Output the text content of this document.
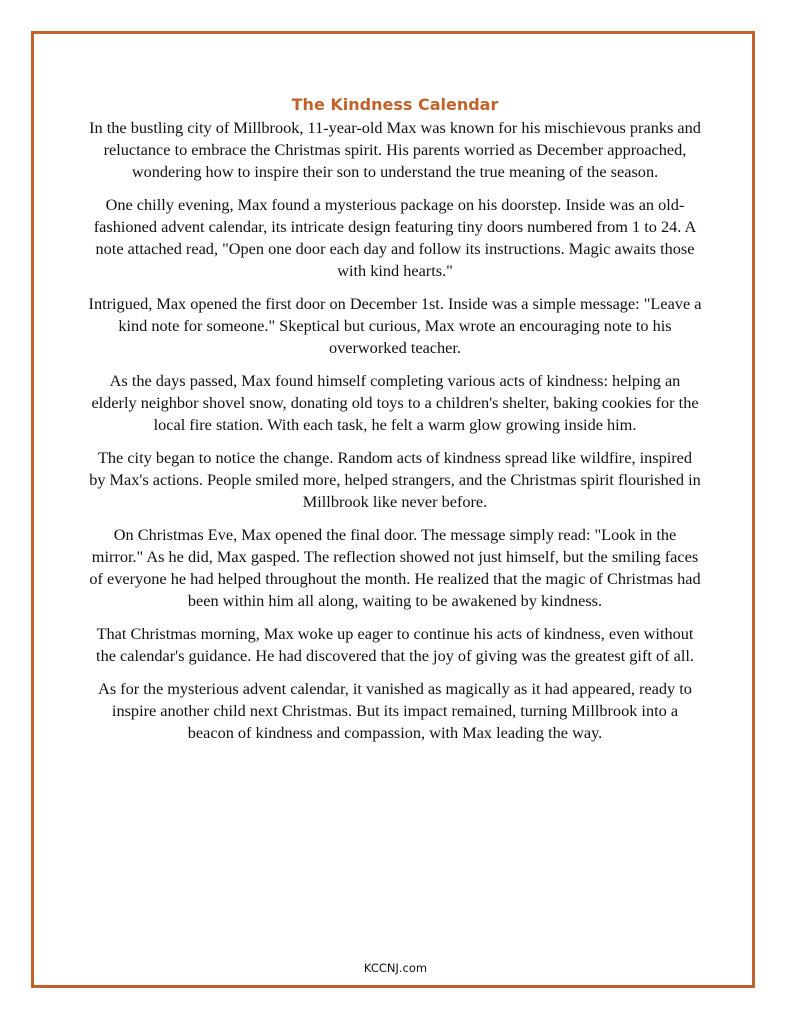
The Kindness Calendar

In the bustling city of Millbrook, 11-year-old Max was known for his mischievous pranks and reluctance to embrace the Christmas spirit. His parents worried as December approached, wondering how to inspire their son to understand the true meaning of the season.

One chilly evening, Max found a mysterious package on his doorstep. Inside was an old-fashioned advent calendar, its intricate design featuring tiny doors numbered from 1 to 24. A note attached read, "Open one door each day and follow its instructions. Magic awaits those with kind hearts."

Intrigued, Max opened the first door on December 1st. Inside was a simple message: "Leave a kind note for someone." Skeptical but curious, Max wrote an encouraging note to his overworked teacher.

As the days passed, Max found himself completing various acts of kindness: helping an elderly neighbor shovel snow, donating old toys to a children's shelter, baking cookies for the local fire station. With each task, he felt a warm glow growing inside him.

The city began to notice the change. Random acts of kindness spread like wildfire, inspired by Max's actions. People smiled more, helped strangers, and the Christmas spirit flourished in Millbrook like never before.

On Christmas Eve, Max opened the final door. The message simply read: "Look in the mirror." As he did, Max gasped. The reflection showed not just himself, but the smiling faces of everyone he had helped throughout the month. He realized that the magic of Christmas had been within him all along, waiting to be awakened by kindness.

That Christmas morning, Max woke up eager to continue his acts of kindness, even without the calendar's guidance. He had discovered that the joy of giving was the greatest gift of all.

As for the mysterious advent calendar, it vanished as magically as it had appeared, ready to inspire another child next Christmas. But its impact remained, turning Millbrook into a beacon of kindness and compassion, with Max leading the way.

KCCNJ.com
